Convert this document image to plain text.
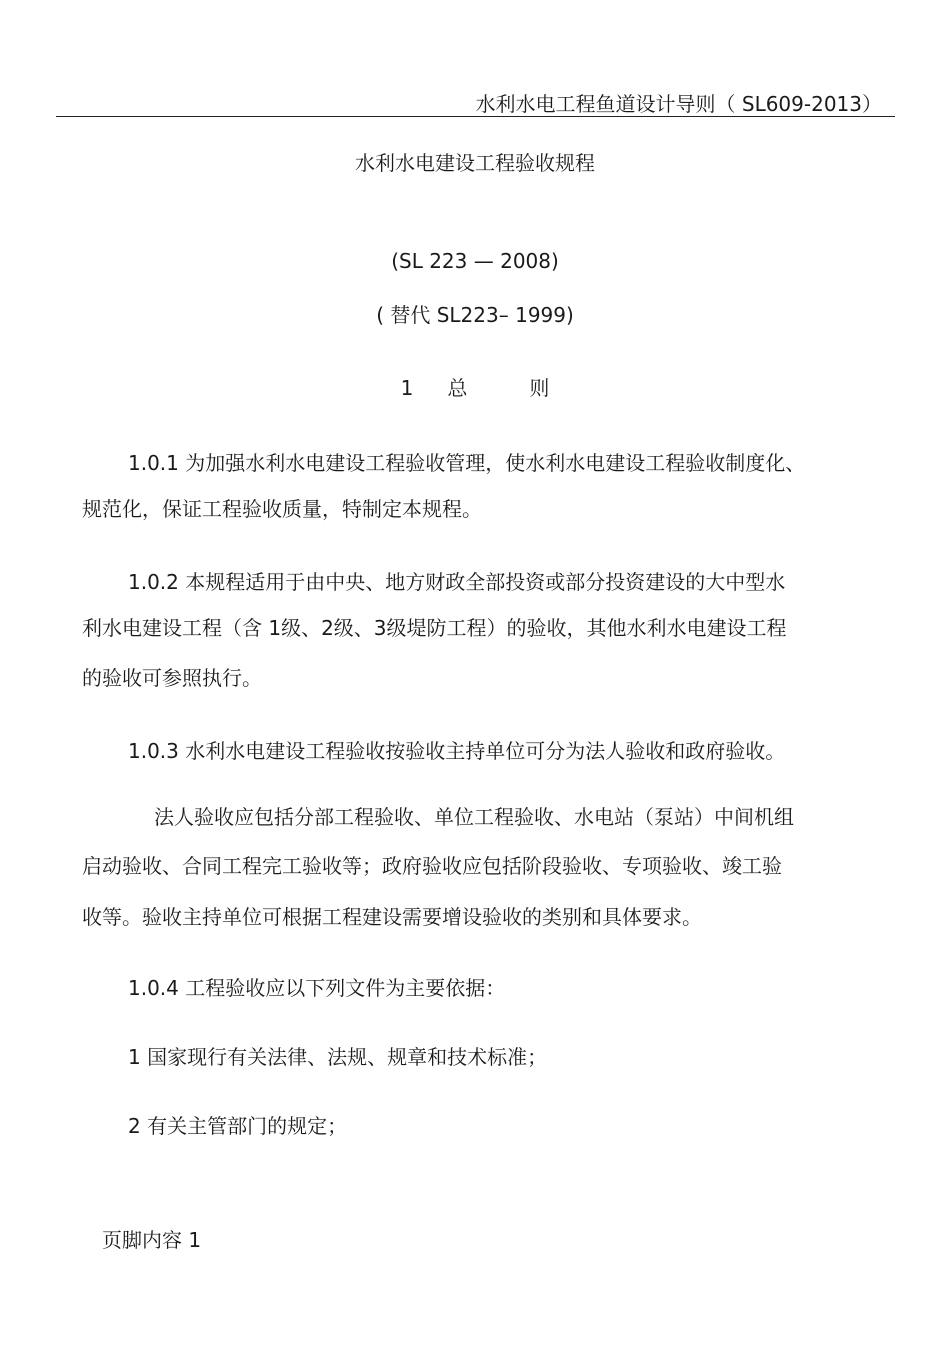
水利水电工程鱼道设计导则（ SL609-2013）
水利水电建设工程验收规程
(SL 223 — 2008)
( 替代 SL223– 1999)
1 总	则
1.0.1 为加强水利水电建设工程验收管理，使水利水电建设工程验收制度化、
规范化，保证工程验收质量，特制定本规程。
1.0.2 本规程适用于由中央、地方财政全部投资或部分投资建设的大中型水
利水电建设工程（含 1级、2级、3级堤防工程）的验收，其他水利水电建设工程
的验收可参照执行。
1.0.3 水利水电建设工程验收按验收主持单位可分为法人验收和政府验收。
法人验收应包括分部工程验收、单位工程验收、水电站（泵站）中间机组
启动验收、合同工程完工验收等；政府验收应包括阶段验收、专项验收、竣工验
收等。验收主持单位可根据工程建设需要增设验收的类别和具体要求。
1.0.4 工程验收应以下列文件为主要依据：
1 国家现行有关法律、法规、规章和技术标准；
2 有关主管部门的规定；
页脚内容 1
